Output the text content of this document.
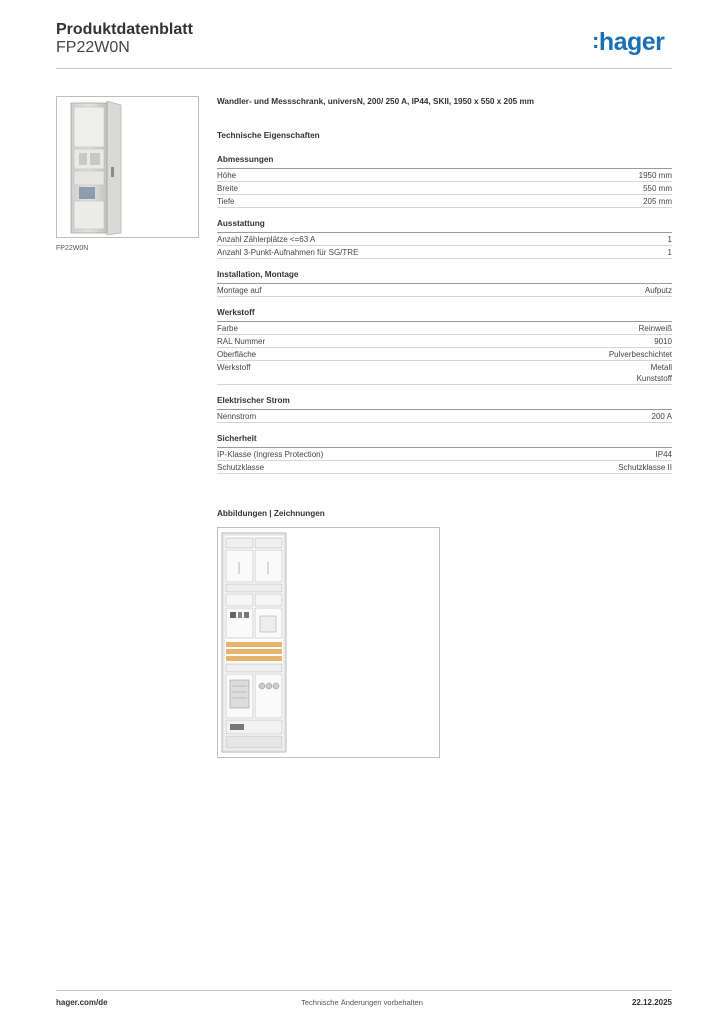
Produktdatenblatt
FP22W0N	:hager
FP22W0N
Wandler- und Messschrank, universN, 200/ 250 A, IP44, SKII, 1950 x 550 x 205 mm
Technische Eigenschaften
Abmessungen
Höhe	1950 mm
Breite	550 mm
Tiefe	205 mm
Ausstattung
Anzahl Zählerplätze <=63 A	1
Anzahl 3-Punkt-Aufnahmen für SG/TRE	1
Installation, Montage
Montage auf	Aufputz
Werkstoff
Farbe	Reinweiß
RAL Nummer	9010
Oberfläche	Pulverbeschichtet
Werkstoff	Metall
Kunststoff
Elektrischer Strom
Nennstrom	200 A
Sicherheit
IP-Klasse (Ingress Protection)	IP44
Schutzklasse	Schutzklasse II
Abbildungen | Zeichnungen
hager.com/de	Technische Änderungen vorbehalten	22.12.2025
